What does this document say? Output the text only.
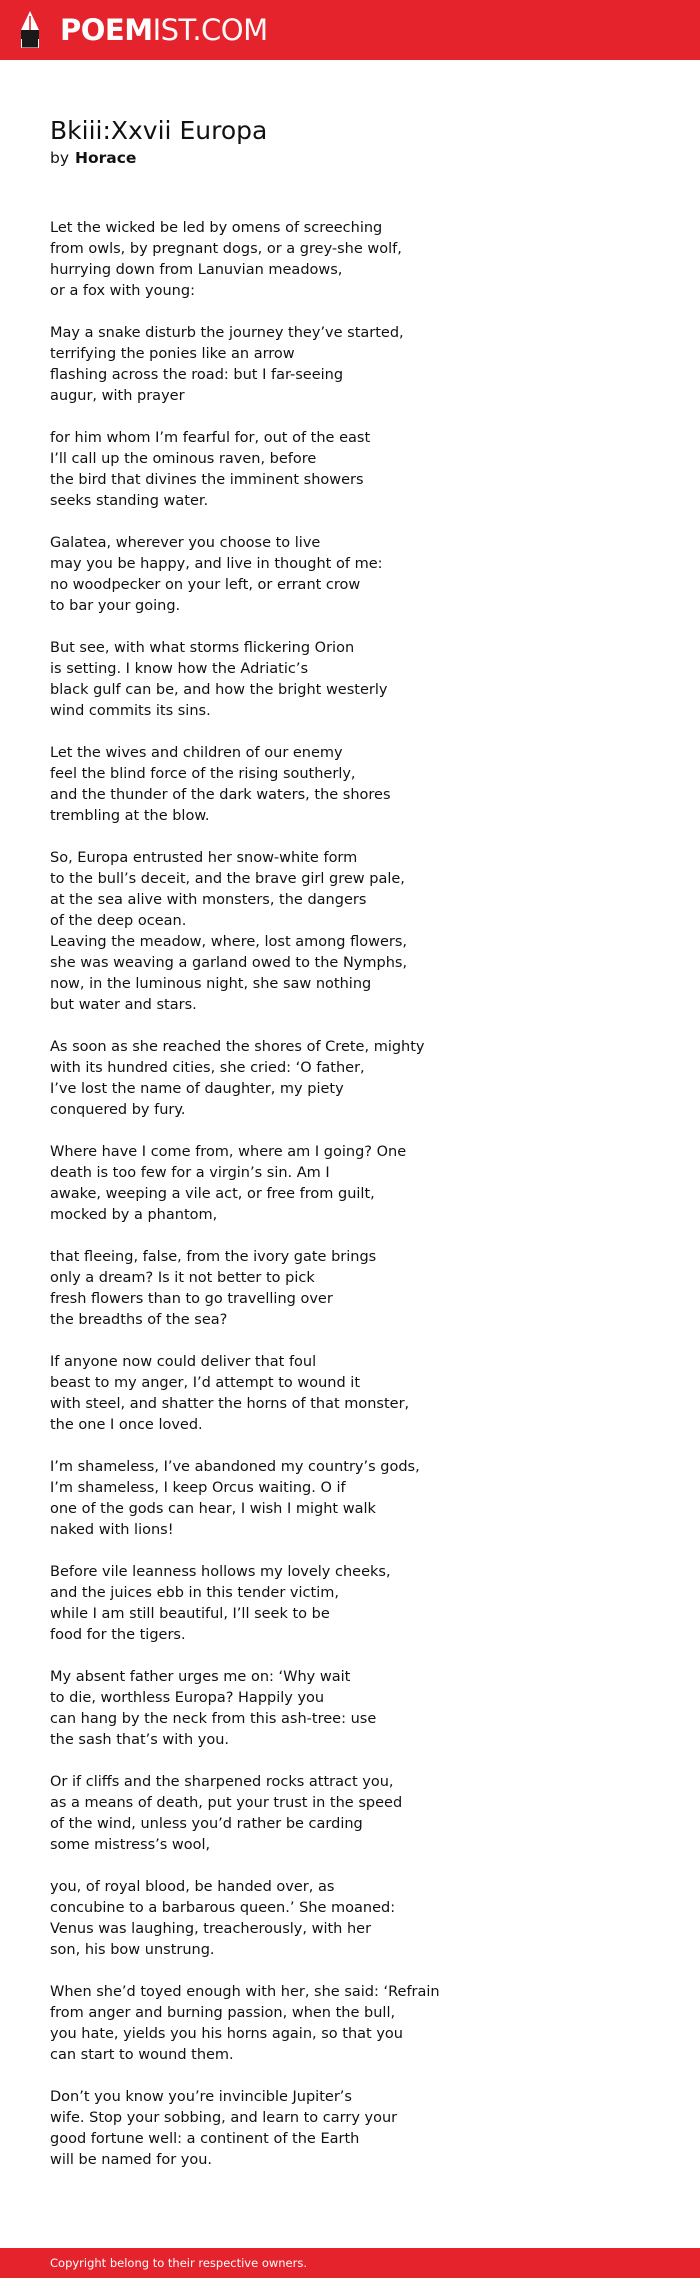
POEMIST.COM
Bkiii:Xxvii Europa
by Horace

Let the wicked be led by omens of screeching
from owls, by pregnant dogs, or a grey-she wolf,
hurrying down from Lanuvian meadows,
or a fox with young:

May a snake disturb the journey they’ve started,
terrifying the ponies like an arrow
flashing across the road: but I far-seeing
augur, with prayer

for him whom I’m fearful for, out of the east
I’ll call up the ominous raven, before
the bird that divines the imminent showers
seeks standing water.

Galatea, wherever you choose to live
may you be happy, and live in thought of me:
no woodpecker on your left, or errant crow
to bar your going.

But see, with what storms flickering Orion
is setting. I know how the Adriatic’s
black gulf can be, and how the bright westerly
wind commits its sins.

Let the wives and children of our enemy
feel the blind force of the rising southerly,
and the thunder of the dark waters, the shores
trembling at the blow.

So, Europa entrusted her snow-white form
to the bull’s deceit, and the brave girl grew pale,
at the sea alive with monsters, the dangers
of the deep ocean.
Leaving the meadow, where, lost among flowers,
she was weaving a garland owed to the Nymphs,
now, in the luminous night, she saw nothing
but water and stars.

As soon as she reached the shores of Crete, mighty
with its hundred cities, she cried: ‘O father,
I’ve lost the name of daughter, my piety
conquered by fury.

Where have I come from, where am I going? One
death is too few for a virgin’s sin. Am I
awake, weeping a vile act, or free from guilt,
mocked by a phantom,

that fleeing, false, from the ivory gate brings
only a dream? Is it not better to pick
fresh flowers than to go travelling over
the breadths of the sea?

If anyone now could deliver that foul
beast to my anger, I’d attempt to wound it
with steel, and shatter the horns of that monster,
the one I once loved.

I’m shameless, I’ve abandoned my country’s gods,
I’m shameless, I keep Orcus waiting. O if
one of the gods can hear, I wish I might walk
naked with lions!

Before vile leanness hollows my lovely cheeks,
and the juices ebb in this tender victim,
while I am still beautiful, I’ll seek to be
food for the tigers.

My absent father urges me on: ‘Why wait
to die, worthless Europa? Happily you
can hang by the neck from this ash-tree: use
the sash that’s with you.

Or if cliffs and the sharpened rocks attract you,
as a means of death, put your trust in the speed
of the wind, unless you’d rather be carding
some mistress’s wool,

you, of royal blood, be handed over, as
concubine to a barbarous queen.’ She moaned:
Venus was laughing, treacherously, with her
son, his bow unstrung.

When she’d toyed enough with her, she said: ‘Refrain
from anger and burning passion, when the bull,
you hate, yields you his horns again, so that you
can start to wound them.

Don’t you know you’re invincible Jupiter’s
wife. Stop your sobbing, and learn to carry your
good fortune well: a continent of the Earth
will be named for you.

Copyright belong to their respective owners.
